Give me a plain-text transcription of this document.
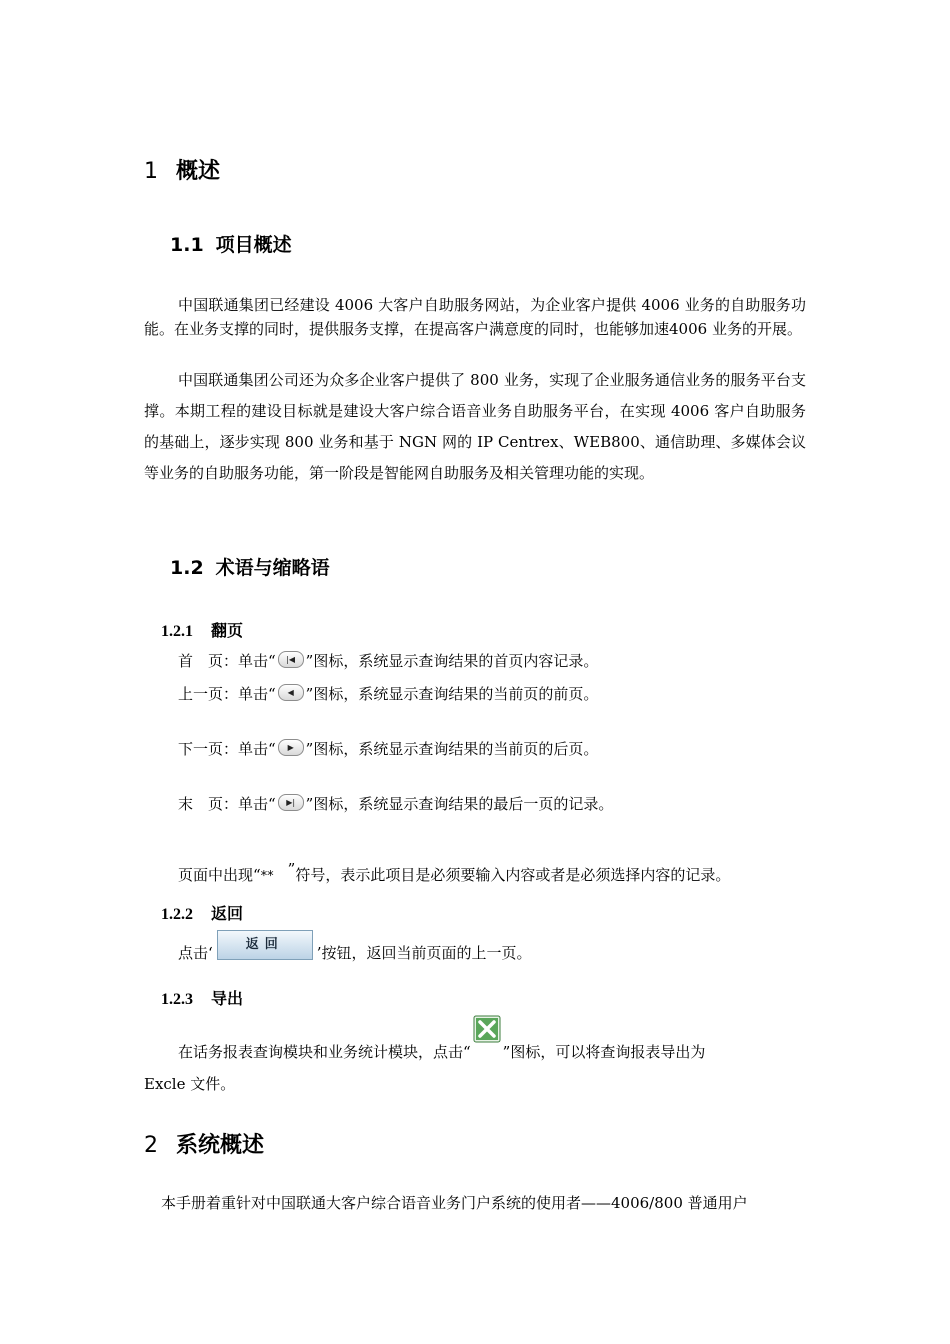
1 概述
1.1 项目概述

中国联通集团已经建设 4006 大客户自助服务网站，为企业客户提供 4006 业务的自助服务功能。在业务支撑的同时，提供服务支撑，在提高客户满意度的同时，也能够加速4006 业务的开展。

中国联通集团公司还为众多企业客户提供了 800 业务，实现了企业服务通信业务的服务平台支撑。本期工程的建设目标就是建设大客户综合语音业务自助服务平台，在实现 4006 客户自助服务的基础上，逐步实现 800 业务和基于 NGN 网的 IP Centrex、WEB800、通信助理、多媒体会议等业务的自助服务功能，第一阶段是智能网自助服务及相关管理功能的实现。

1.2 术语与缩略语
1.2.1 翻页
首　页：单击“ |◀ ”图标，系统显示查询结果的首页内容记录。
上一页：单击“ ◀ ”图标，系统显示查询结果的当前页的前页。
下一页：单击“ ▶ ”图标，系统显示查询结果的当前页的后页。
末　页：单击“ ▶| ”图标，系统显示查询结果的最后一页的记录。
页面中出现“** ”符号，表示此项目是必须要输入内容或者是必须选择内容的记录。
1.2.2 返回
点击‘	返回 ’按钮，返回当前页面的上一页。
1.2.3 导出
在话务报表查询模块和业务统计模块，点击“ ”图标，可以将查询报表导出为
Excle 文件。
2 系统概述
本手册着重针对中国联通大客户综合语音业务门户系统的使用者——4006/800 普通用户
